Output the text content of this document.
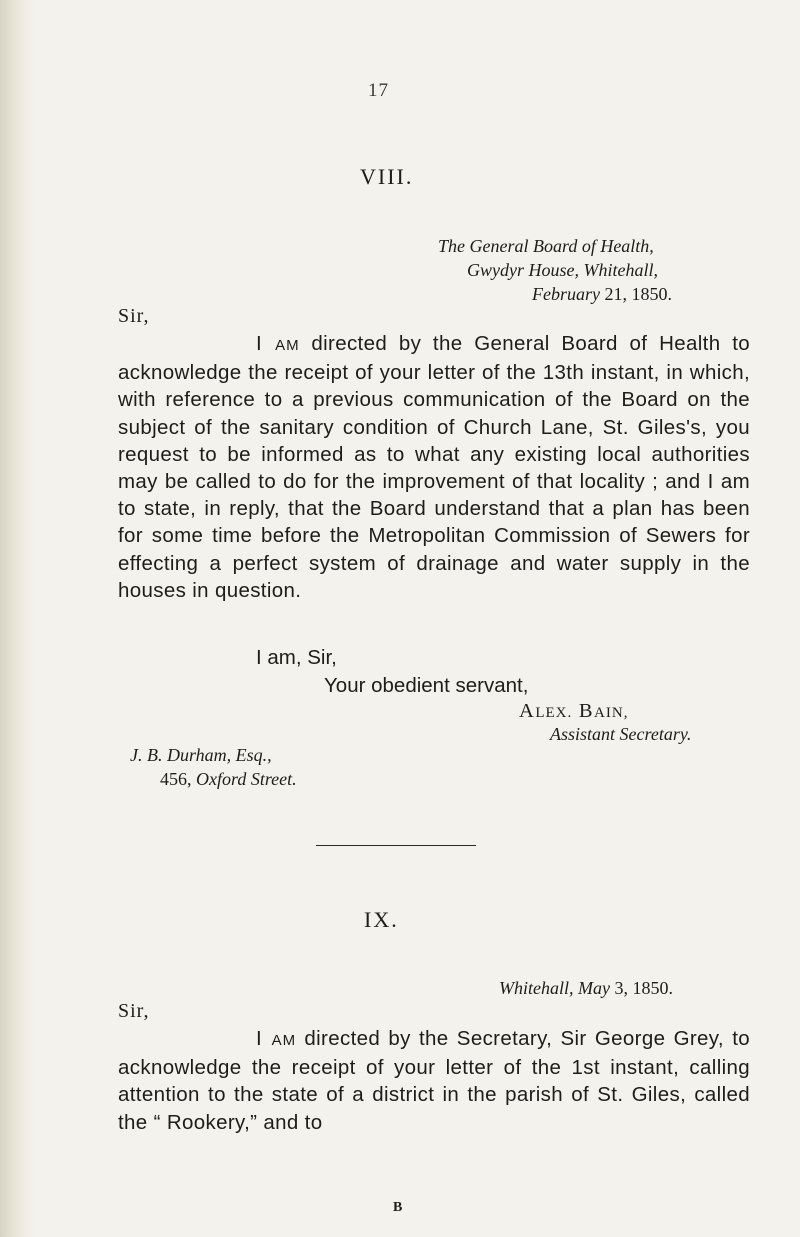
17
VIII.
The General Board of Health,
Gwydyr House, Whitehall,
February 21, 1850.
Sir,

I AM directed by the General Board of Health to acknowledge the receipt of your letter of the 13th instant, in which, with reference to a previous communication of the Board on the subject of the sanitary condition of Church Lane, St. Giles's, you request to be informed as to what any existing local authorities may be called to do for the improvement of that locality ; and I am to state, in reply, that the Board understand that a plan has been for some time before the Metropolitan Commission of Sewers for effecting a perfect system of drainage and water supply in the houses in question.

I am, Sir,
Your obedient servant,
ALEX. BAIN,
Assistant Secretary.
J. B. Durham, Esq.,
456, Oxford Street.
IX.
Whitehall, May 3, 1850.
Sir,

I AM directed by the Secretary, Sir George Grey, to acknowledge the receipt of your letter of the 1st instant, calling attention to the state of a district in the parish of St. Giles, called the “ Rookery,” and to

B
